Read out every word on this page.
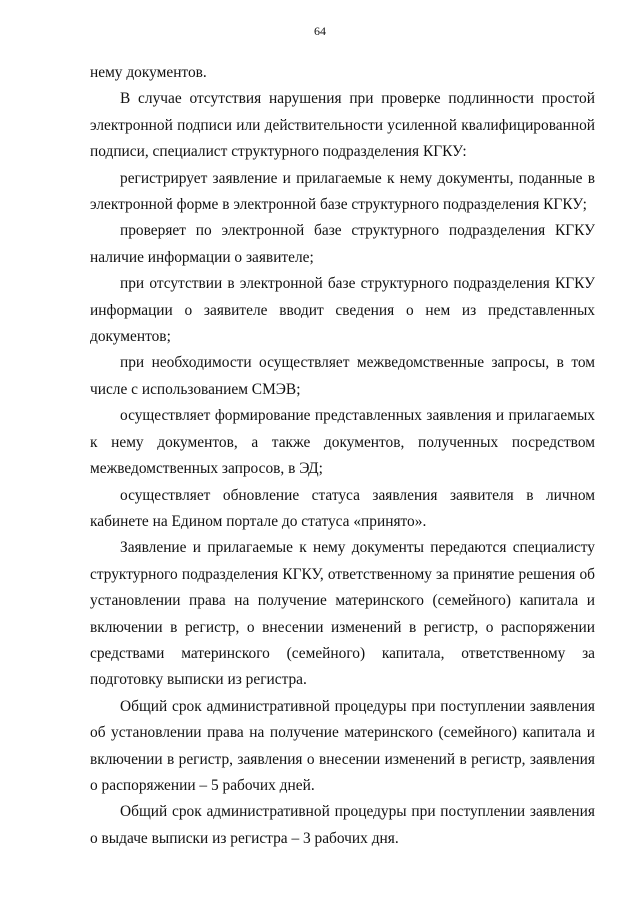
64

нему документов.

В случае отсутствия нарушения при проверке подлинности простой электронной подписи или действительности усиленной квалифицированной подписи, специалист структурного подразделения КГКУ:

регистрирует заявление и прилагаемые к нему документы, поданные в электронной форме в электронной базе структурного подразделения КГКУ;

проверяет по электронной базе структурного подразделения КГКУ наличие информации о заявителе;

при отсутствии в электронной базе структурного подразделения КГКУ информации о заявителе вводит сведения о нем из представленных документов;

при необходимости осуществляет межведомственные запросы, в том числе с использованием СМЭВ;

осуществляет формирование представленных заявления и прилагаемых к нему документов, а также документов, полученных посредством межведомственных запросов, в ЭД;

осуществляет обновление статуса заявления заявителя в личном кабинете на Едином портале до статуса «принято».

Заявление и прилагаемые к нему документы передаются специалисту структурного подразделения КГКУ, ответственному за принятие решения об установлении права на получение материнского (семейного) капитала и включении в регистр, о внесении изменений в регистр, о распоряжении средствами материнского (семейного) капитала, ответственному за подготовку выписки из регистра.

Общий срок административной процедуры при поступлении заявления об установлении права на получение материнского (семейного) капитала и включении в регистр, заявления о внесении изменений в регистр, заявления о распоряжении – 5 рабочих дней.

Общий срок административной процедуры при поступлении заявления о выдаче выписки из регистра – 3 рабочих дня.
